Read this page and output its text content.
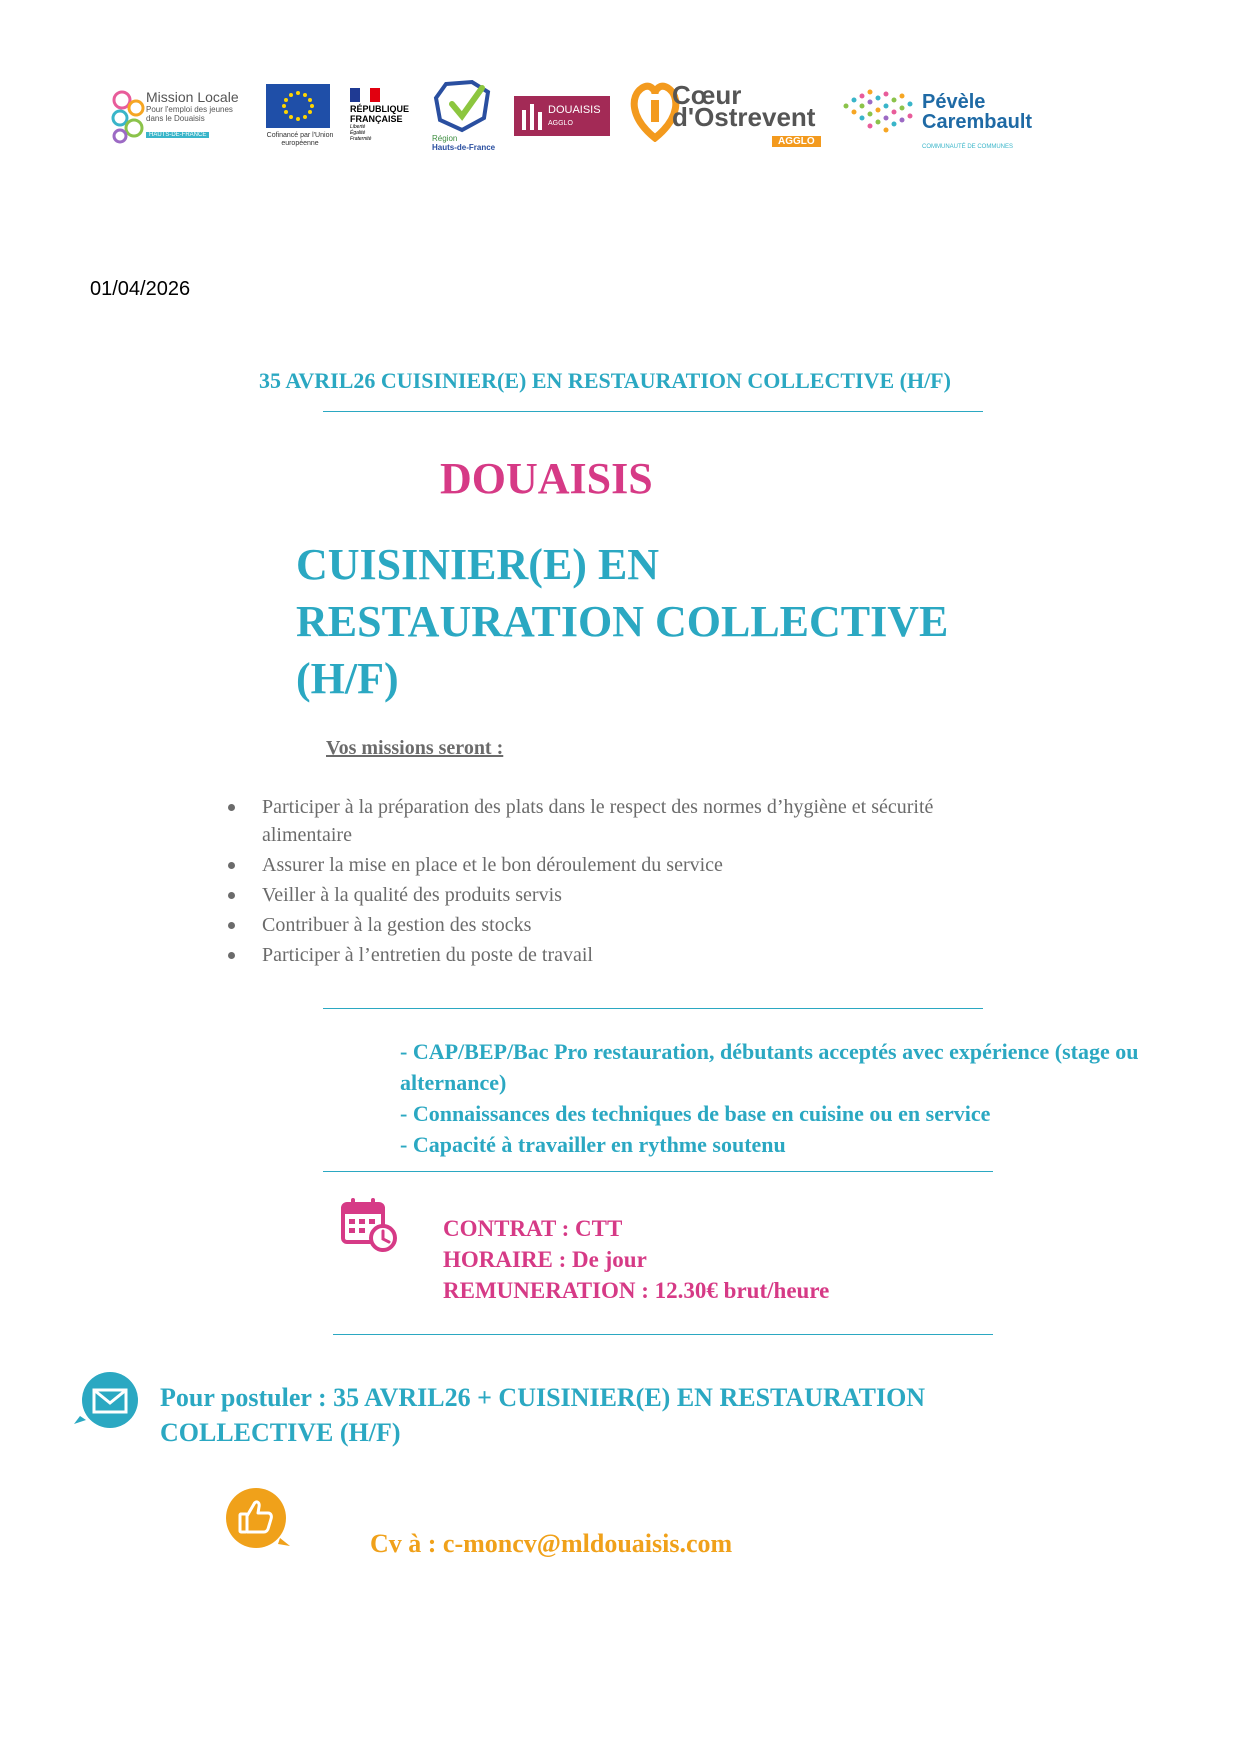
Mission Locale
Pour l'emploi des jeunes dans le Douaisis
HAUTS-DE-FRANCE	Cofinancé par l'Union européenne
RÉPUBLIQUE
FRANÇAISE
Liberté Égalité Fraternité	Région
Hauts-de-France
DOUAISIS
AGGLO
Cœur
d'Ostrevent
AGGLO
Pévèle
Carembault
COMMUNAUTÉ DE COMMUNES
01/04/2026
35 AVRIL26 CUISINIER(E) EN RESTAURATION COLLECTIVE (H/F)
DOUAISIS
CUISINIER(E) EN
RESTAURATION COLLECTIVE
(H/F)
Vos missions seront :
Participer à la préparation des plats dans le respect des normes d’hygiène et sécurité alimentaire
Assurer la mise en place et le bon déroulement du service
Veiller à la qualité des produits servis
Contribuer à la gestion des stocks
Participer à l’entretien du poste de travail
- CAP/BEP/Bac Pro restauration, débutants acceptés avec expérience (stage ou alternance)
- Connaissances des techniques de base en cuisine ou en service
- Capacité à travailler en rythme soutenu
CONTRAT : CTT
HORAIRE : De jour
REMUNERATION : 12.30€ brut/heure
Pour postuler : 35 AVRIL26 + CUISINIER(E) EN RESTAURATION COLLECTIVE (H/F)
Cv à : c-moncv@mldouaisis.com
